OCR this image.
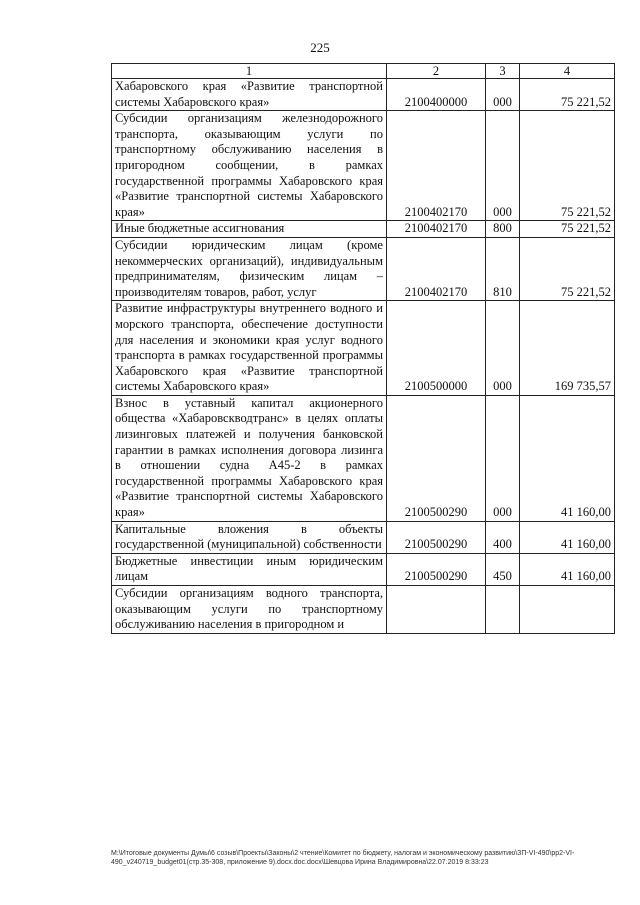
225
1	2	3	4
Хабаровского края «Развитие транспортной системы Хабаровского края»	2100400000	000	75 221,52
Субсидии организациям железнодорожного транспорта, оказывающим услуги по транспортному обслуживанию населения в пригородном сообщении, в рамках государственной программы Хабаровского края «Развитие транспортной системы Хабаровского края»	2100402170	000	75 221,52
Иные бюджетные ассигнования	2100402170	800	75 221,52
Субсидии юридическим лицам (кроме некоммерческих организаций), индивидуальным предпринимателям, физическим лицам – производителям товаров, работ, услуг	2100402170	810	75 221,52
Развитие инфраструктуры внутреннего водного и морского транспорта, обеспечение доступности для населения и экономики края услуг водного транспорта в рамках государственной программы Хабаровского края «Развитие транспортной системы Хабаровского края»	2100500000	000	169 735,57
Взнос в уставный капитал акционерного общества «Хабаровскводтранс» в целях оплаты лизинговых платежей и получения банковской гарантии в рамках исполнения договора лизинга в отношении судна А45-2 в рамках государственной программы Хабаровского края «Развитие транспортной системы Хабаровского края»	2100500290	000	41 160,00
Капитальные вложения в объекты государственной (муниципальной) собственности	2100500290	400	41 160,00
Бюджетные инвестиции иным юридическим лицам	2100500290	450	41 160,00
Субсидии организациям водного транспорта, оказывающим услуги по транспортному обслуживанию населения в пригородном и			
M:\Итоговые документы Думы\6 созыв\Проекты\Законы\2 чтение\Комитет по бюджету, налогам и экономическому развитию\ЗП-VI-490\рр2-VI-490_v240719_budget01(стр.35-308, приложение 9).docx.doc.docx\Шевцова Ирина Владимировна\22.07.2019 8:33:23
